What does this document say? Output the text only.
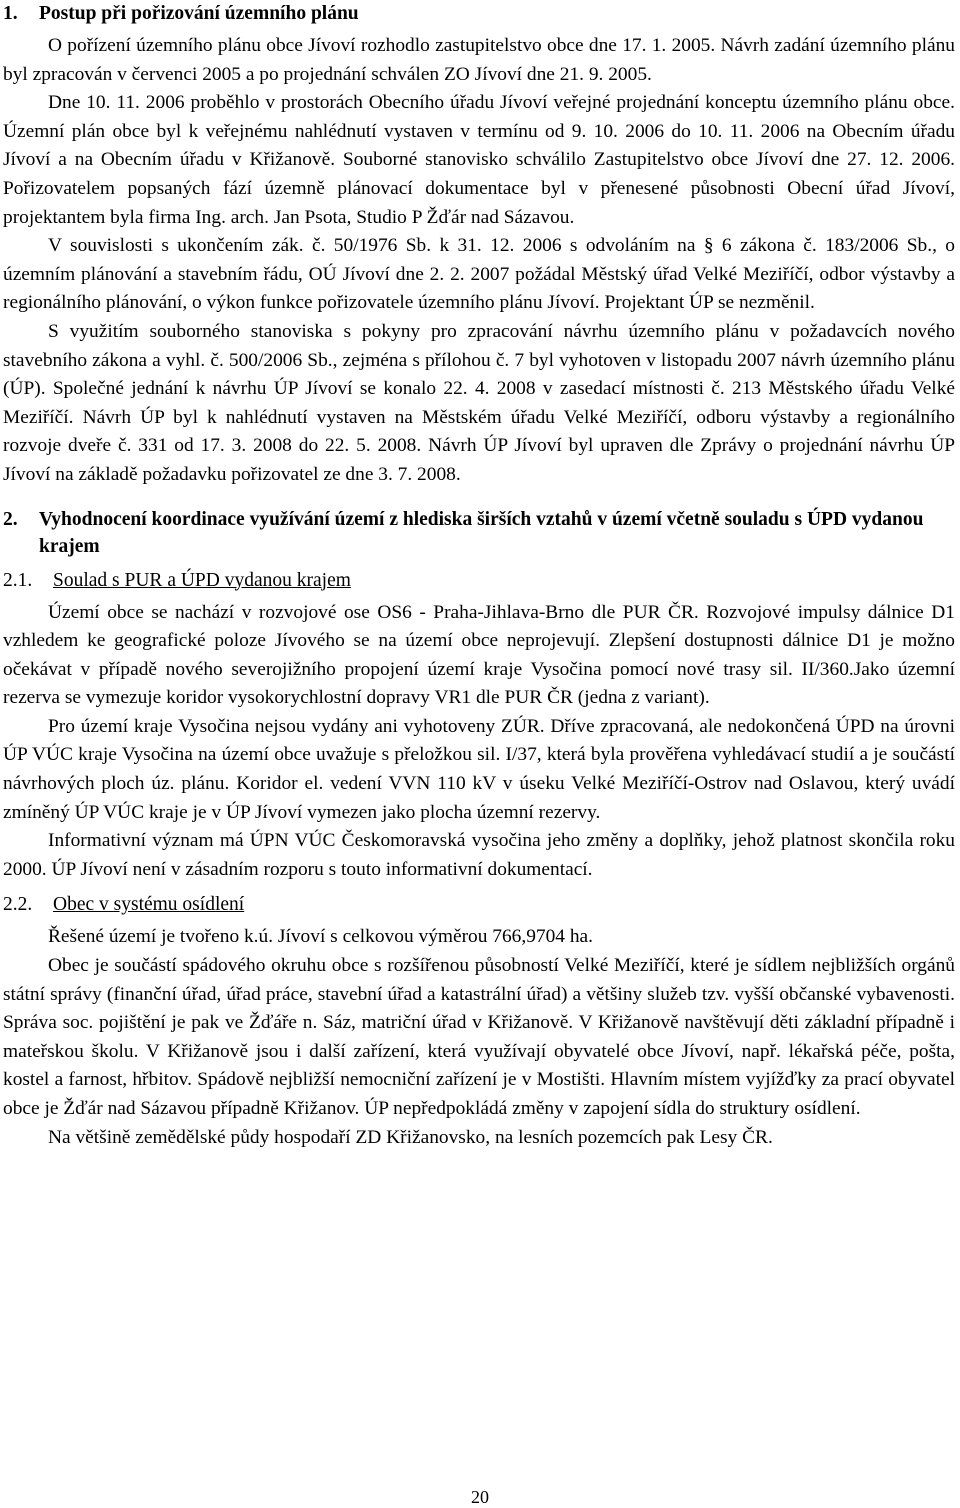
1.	Postup při pořizování územního plánu

O pořízení územního plánu obce Jívoví rozhodlo zastupitelstvo obce dne 17. 1. 2005. Návrh zadání územního plánu byl zpracován v červenci 2005 a po projednání schválen ZO Jívoví dne 21. 9. 2005.

Dne 10. 11. 2006 proběhlo v prostorách Obecního úřadu Jívoví veřejné projednání konceptu územního plánu obce. Územní plán obce byl k veřejnému nahlédnutí vystaven v termínu od 9. 10. 2006 do 10. 11. 2006 na Obecním úřadu Jívoví a na Obecním úřadu v Křižanově. Souborné stanovisko schválilo Zastupitelstvo obce Jívoví dne 27. 12. 2006. Pořizovatelem popsaných fází územně plánovací dokumentace byl v přenesené působnosti Obecní úřad Jívoví, projektantem byla firma Ing. arch. Jan Psota, Studio P Žďár nad Sázavou.

V souvislosti s ukončením zák. č. 50/1976 Sb. k 31. 12. 2006 s odvoláním na § 6 zákona č. 183/2006 Sb., o územním plánování a stavebním řádu, OÚ Jívoví dne 2. 2. 2007 požádal Městský úřad Velké Meziříčí, odbor výstavby a regionálního plánování, o výkon funkce pořizovatele územního plánu Jívoví. Projektant ÚP se nezměnil.

S využitím souborného stanoviska s pokyny pro zpracování návrhu územního plánu v požadavcích nového stavebního zákona a vyhl. č. 500/2006 Sb., zejména s přílohou č. 7 byl vyhotoven v listopadu 2007 návrh územního plánu (ÚP). Společné jednání k návrhu ÚP Jívoví se konalo 22. 4. 2008 v zasedací místnosti č. 213 Městského úřadu Velké Meziříčí. Návrh ÚP byl k nahlédnutí vystaven na Městském úřadu Velké Meziříčí, odboru výstavby a regionálního rozvoje dveře č. 331 od 17. 3. 2008 do 22. 5. 2008. Návrh ÚP Jívoví byl upraven dle Zprávy o projednání návrhu ÚP Jívoví na základě požadavku pořizovatel ze dne 3. 7. 2008.

2.	Vyhodnocení koordinace využívání území z hlediska širších vztahů v území včetně souladu s ÚPD vydanou krajem
2.1.	Soulad s PUR a ÚPD vydanou krajem

Území obce se nachází v rozvojové ose OS6 - Praha-Jihlava-Brno dle PUR ČR. Rozvojové impulsy dálnice D1 vzhledem ke geografické poloze Jívového se na území obce neprojevují. Zlepšení dostupnosti dálnice D1 je možno očekávat v případě nového severojižního propojení území kraje Vysočina pomocí nové trasy sil. II/360.Jako územní rezerva se vymezuje koridor vysokorychlostní dopravy VR1 dle PUR ČR (jedna z variant).

Pro území kraje Vysočina nejsou vydány ani vyhotoveny ZÚR. Dříve zpracovaná, ale nedokončená ÚPD na úrovni ÚP VÚC kraje Vysočina na území obce uvažuje s přeložkou sil. I/37, která byla prověřena vyhledávací studií a je součástí návrhových ploch úz. plánu. Koridor el. vedení VVN 110 kV v úseku Velké Meziříčí-Ostrov nad Oslavou, který uvádí zmíněný ÚP VÚC kraje je v ÚP Jívoví vymezen jako plocha územní rezervy.

Informativní význam má ÚPN VÚC Českomoravská vysočina jeho změny a doplňky, jehož platnost skončila roku 2000. ÚP Jívoví není v zásadním rozporu s touto informativní dokumentací.

2.2.	Obec v systému osídlení

Řešené území je tvořeno k.ú. Jívoví s celkovou výměrou 766,9704 ha.

Obec je součástí spádového okruhu obce s rozšířenou působností Velké Meziříčí, které je sídlem nejbližších orgánů státní správy (finanční úřad, úřad práce, stavební úřad a katastrální úřad) a většiny služeb tzv. vyšší občanské vybavenosti. Správa soc. pojištění je pak ve Žďáře n. Sáz, matriční úřad v Křižanově. V Křižanově navštěvují děti základní případně i mateřskou školu. V Křižanově jsou i další zařízení, která využívají obyvatelé obce Jívoví, např. lékařská péče, pošta, kostel a farnost, hřbitov. Spádově nejbližší nemocniční zařízení je v Mostišti. Hlavním místem vyjížďky za prací obyvatel obce je Žďár nad Sázavou případně Křižanov. ÚP nepředpokládá změny v zapojení sídla do struktury osídlení.

Na většině zemědělské půdy hospodaří ZD Křižanovsko, na lesních pozemcích pak Lesy ČR.

20
